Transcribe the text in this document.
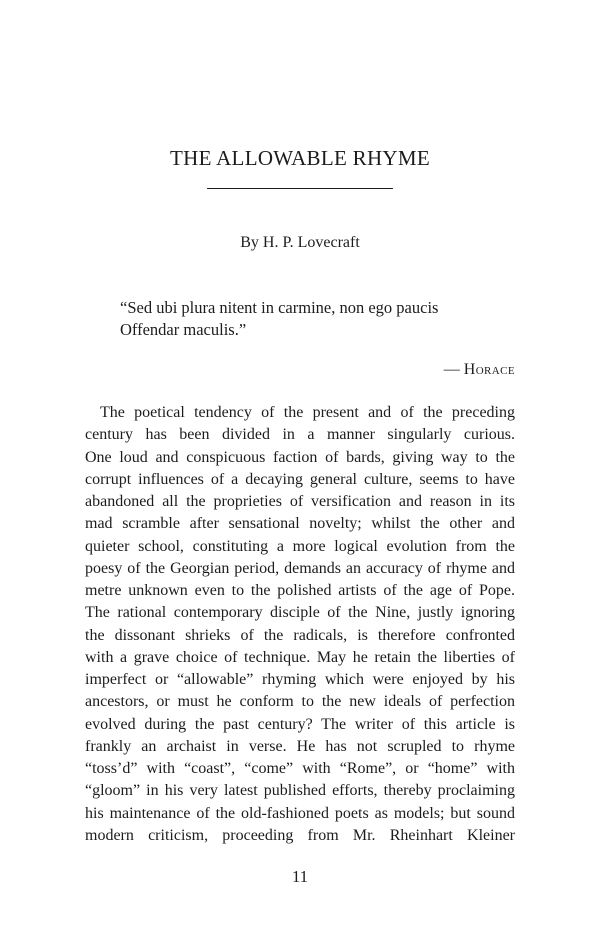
THE ALLOWABLE RHYME
By H. P. Lovecraft
“Sed ubi plura nitent in carmine, non ego paucis
Offendar maculis.”
— Horace
The poetical tendency of the present and of the preceding
century has been divided in a manner singularly curious.
One loud and conspicuous faction of bards, giving way to the
corrupt influences of a decaying general culture, seems to have
abandoned all the proprieties of versification and reason in its
mad scramble after sensational novelty; whilst the other and
quieter school, constituting a more logical evolution from the
poesy of the Georgian period, demands an accuracy of rhyme and
metre unknown even to the polished artists of the age of Pope.
The rational contemporary disciple of the Nine, justly ignoring
the dissonant shrieks of the radicals, is therefore confronted
with a grave choice of technique. May he retain the liberties of
imperfect or “allowable” rhyming which were enjoyed by his
ancestors, or must he conform to the new ideals of perfection
evolved during the past century? The writer of this article is
frankly an archaist in verse. He has not scrupled to rhyme
“toss’d” with “coast”, “come” with “Rome”, or “home” with
“gloom” in his very latest published efforts, thereby proclaiming
his maintenance of the old-fashioned poets as models; but sound
modern criticism, proceeding from Mr. Rheinhart Kleiner
11
